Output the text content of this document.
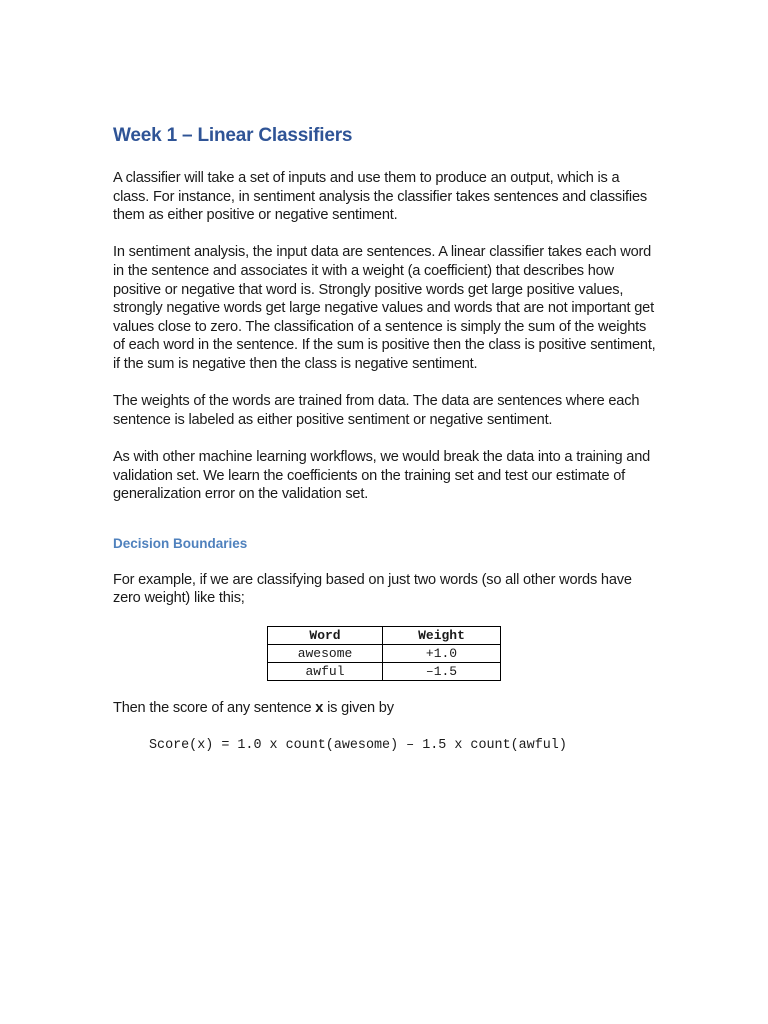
Week 1 – Linear Classifiers

A classifier will take a set of inputs and use them to produce an output, which is a class. For instance, in sentiment analysis the classifier takes sentences and classifies them as either positive or negative sentiment.

In sentiment analysis, the input data are sentences. A linear classifier takes each word in the sentence and associates it with a weight (a coefficient) that describes how positive or negative that word is. Strongly positive words get large positive values, strongly negative words get large negative values and words that are not important get values close to zero. The classification of a sentence is simply the sum of the weights of each word in the sentence. If the sum is positive then the class is positive sentiment, if the sum is negative then the class is negative sentiment.

The weights of the words are trained from data. The data are sentences where each sentence is labeled as either positive sentiment or negative sentiment.

As with other machine learning workflows, we would break the data into a training and validation set. We learn the coefficients on the training set and test our estimate of generalization error on the validation set.

Decision Boundaries

For example, if we are classifying based on just two words (so all other words have zero weight) like this;

Word	Weight
awesome	+1.0
awful	–1.5

Then the score of any sentence x is given by

Score(x) = 1.0 x count(awesome) – 1.5 x count(awful)
